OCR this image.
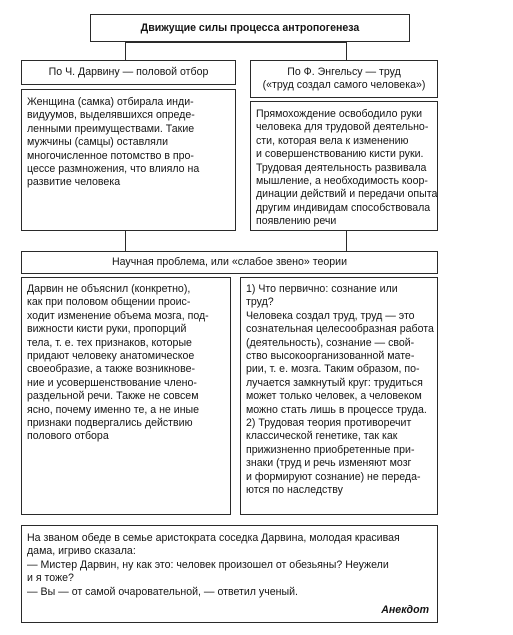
Движущие силы процесса антропогенеза
По Ч. Дарвину — половой отбор
Женщина (самка) отбирала инди-
видуумов, выделявшихся опреде-
ленными преимуществами. Такие
мужчины (самцы) оставляли
многочисленное потомство в про-
цессе размножения, что влияло на
развитие человека
По Ф. Энгельсу — труд
(«труд создал самого человека»)
Прямохождение освободило руки
человека для трудовой деятельно-
сти, которая вела к изменению
и совершенствованию кисти руки.
Трудовая деятельность развивала
мышление, а необходимость коор-
динации действий и передачи опыта
другим индивидам способствовала
появлению речи
Научная проблема, или «слабое звено» теории
Дарвин не объяснил (конкретно),
как при половом общении проис-
ходит изменение объема мозга, под-
вижности кисти руки, пропорций
тела, т. е. тех признаков, которые
придают человеку анатомическое
своеобразие, а также возникнове-
ние и усовершенствование члено-
раздельной речи. Также не совсем
ясно, почему именно те, а не иные
признаки подвергались действию
полового отбора
1) Что первично: сознание или
труд?
Человека создал труд, труд — это
сознательная целесообразная работа
(деятельность), сознание — свой-
ство высокоорганизованной мате-
рии, т. е. мозга. Таким образом, по-
лучается замкнутый круг: трудиться
может только человек, а человеком
можно стать лишь в процессе труда.
2) Трудовая теория противоречит
классической генетике, так как
прижизненно приобретенные при-
знаки (труд и речь изменяют мозг
и формируют сознание) не переда-
ются по наследству
На званом обеде в семье аристократа соседка Дарвина, молодая красивая
дама, игриво сказала:
— Мистер Дарвин, ну как это: человек произошел от обезьяны? Неужели
и я тоже?
— Вы — от самой очаровательной, — ответил ученый.
Анекдот
